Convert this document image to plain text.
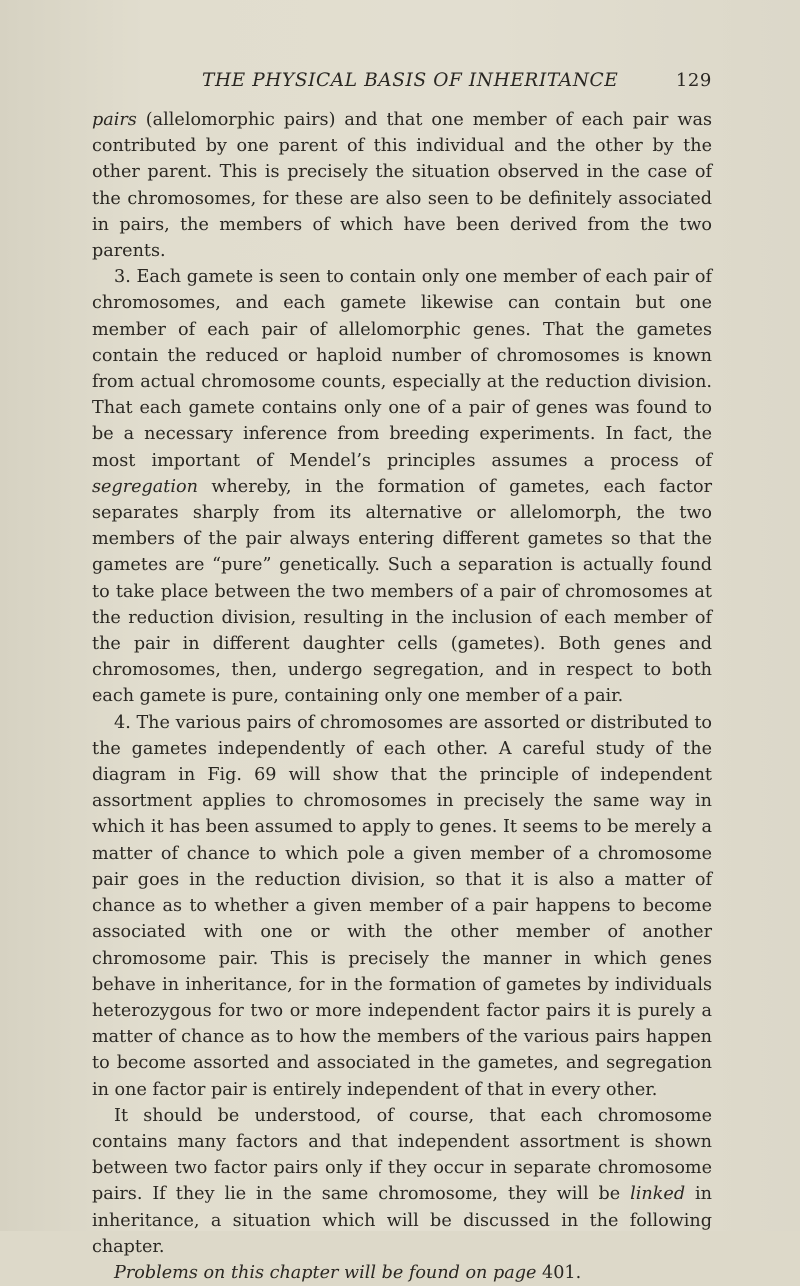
THE PHYSICAL BASIS OF INHERITANCE	129

pairs (allelomorphic pairs) and that one member of each pair was contributed by one parent of this individual and the other by the other parent. This is precisely the situation observed in the case of the chromosomes, for these are also seen to be definitely associated in pairs, the members of which have been derived from the two parents.

3. Each gamete is seen to contain only one member of each pair of chromosomes, and each gamete likewise can contain but one member of each pair of allelomorphic genes. That the gametes contain the reduced or haploid number of chromosomes is known from actual chromosome counts, especially at the reduction division. That each gamete contains only one of a pair of genes was found to be a necessary inference from breeding experiments. In fact, the most important of Mendel’s principles assumes a process of segregation whereby, in the formation of gametes, each factor separates sharply from its alternative or allelomorph, the two members of the pair always entering different gametes so that the gametes are “pure” genetically. Such a separation is actually found to take place between the two members of a pair of chromosomes at the reduction division, resulting in the inclusion of each member of the pair in different daughter cells (gametes). Both genes and chromosomes, then, undergo segregation, and in respect to both each gamete is pure, containing only one member of a pair.

4. The various pairs of chromosomes are assorted or distributed to the gametes independently of each other. A careful study of the diagram in Fig. 69 will show that the principle of independent assortment applies to chromosomes in precisely the same way in which it has been assumed to apply to genes. It seems to be merely a matter of chance to which pole a given member of a chromosome pair goes in the reduction division, so that it is also a matter of chance as to whether a given member of a pair happens to become associated with one or with the other member of another chromosome pair. This is precisely the manner in which genes behave in inheritance, for in the formation of gametes by individuals heterozygous for two or more independent factor pairs it is purely a matter of chance as to how the members of the various pairs happen to become assorted and associated in the gametes, and segregation in one factor pair is entirely independent of that in every other.

It should be understood, of course, that each chromosome contains many factors and that independent assortment is shown between two factor pairs only if they occur in separate chromosome pairs. If they lie in the same chromosome, they will be linked in inheritance, a situation which will be discussed in the following chapter.

Problems on this chapter will be found on page 401.
